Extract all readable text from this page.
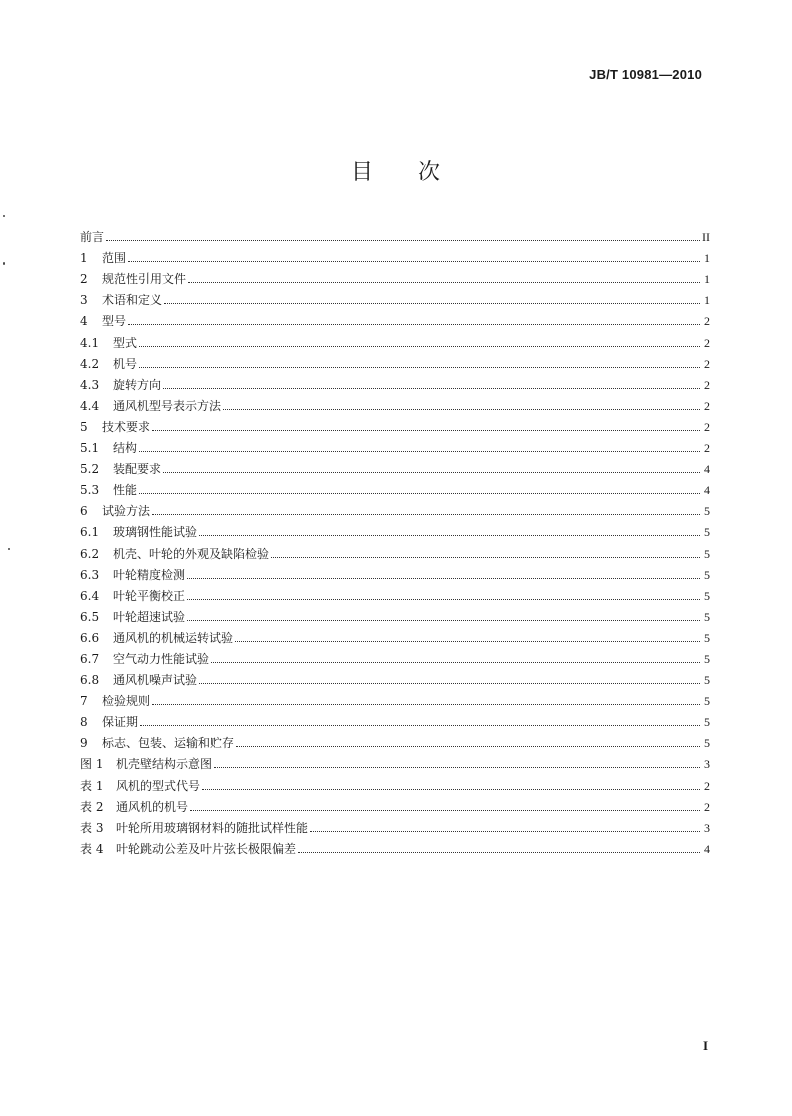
JB/T 10981—2010
目 次
前言	II
1	范围	1
2	规范性引用文件	1
3	术语和定义	1
4	型号	2
4.1	型式	2
4.2	机号	2
4.3	旋转方向	2
4.4	通风机型号表示方法	2
5	技术要求	2
5.1	结构	2
5.2	装配要求	4
5.3	性能	4
6	试验方法	5
6.1	玻璃钢性能试验	5
6.2	机壳、叶轮的外观及缺陷检验	5
6.3	叶轮精度检测	5
6.4	叶轮平衡校正	5
6.5	叶轮超速试验	5
6.6	通风机的机械运转试验	5
6.7	空气动力性能试验	5
6.8	通风机噪声试验	5
7	检验规则	5
8	保证期	5
9	标志、包装、运输和贮存	5
图 1	机壳壁结构示意图	3
表 1	风机的型式代号	2
表 2	通风机的机号	2
表 3	叶轮所用玻璃钢材料的随批试样性能	3
表 4	叶轮跳动公差及叶片弦长极限偏差	4
I
